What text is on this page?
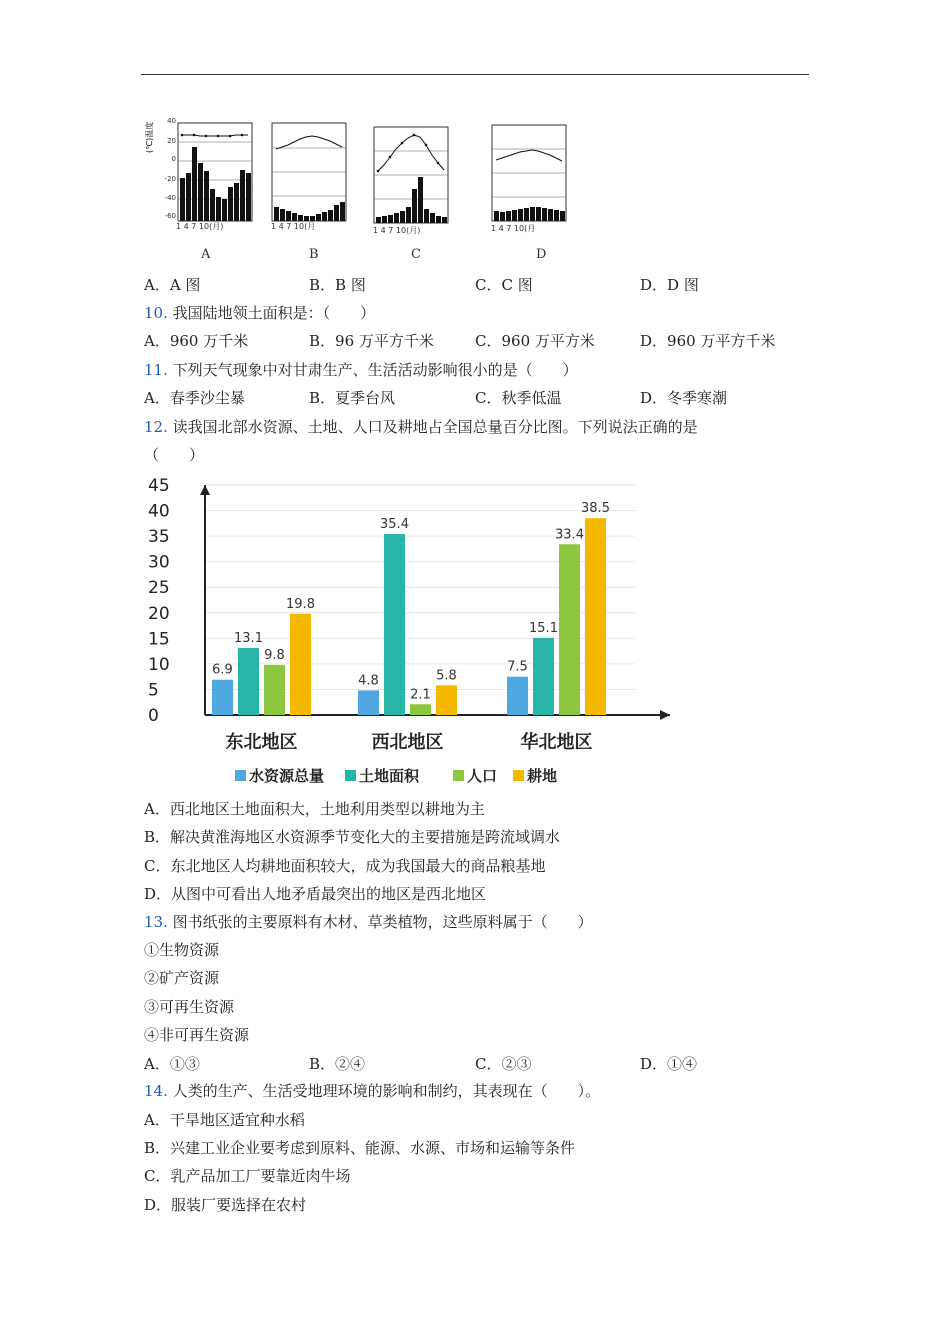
(℃)温度
40
20
0
-20
-40
-60
1 4 7 10(月)	1 4 7 10(月	1 4 7 10(月)	1 4 7 10(月
A	B	C	D
A．A 图	B．B 图	C．C 图	D．D 图
10. 我国陆地领土面积是：（　　）
A．960 万千米	B．96 万平方千米	C．960 万平方米	D．960 万平方千米
11. 下列天气现象中对甘肃生产、生活活动影响很小的是（　　）
A．春季沙尘暴	B．夏季台风	C．秋季低温	D．冬季寒潮
12. 读我国北部水资源、土地、人口及耕地占全国总量百分比图。下列说法正确的是
（　　）
0
5
10
15
20
25
30
35
40
45
6.9
13.1
9.8
19.8
东北地区
4.8
35.4
2.1
5.8
西北地区
7.5
15.1
33.4
38.5
华北地区
水资源总量 土地面积	人口 耕地
A．西北地区土地面积大，土地利用类型以耕地为主
B．解决黄淮海地区水资源季节变化大的主要措施是跨流域调水
C．东北地区人均耕地面积较大，成为我国最大的商品粮基地
D．从图中可看出人地矛盾最突出的地区是西北地区
13. 图书纸张的主要原料有木材、草类植物，这些原料属于（　　）
①生物资源
②矿产资源
③可再生资源
④非可再生资源
A．①③	B．②④	C．②③	D．①④
14. 人类的生产、生活受地理环境的影响和制约，其表现在（　　）。
A．干旱地区适宜种水稻
B．兴建工业企业要考虑到原料、能源、水源、市场和运输等条件
C．乳产品加工厂要靠近肉牛场
D．服装厂要选择在农村
